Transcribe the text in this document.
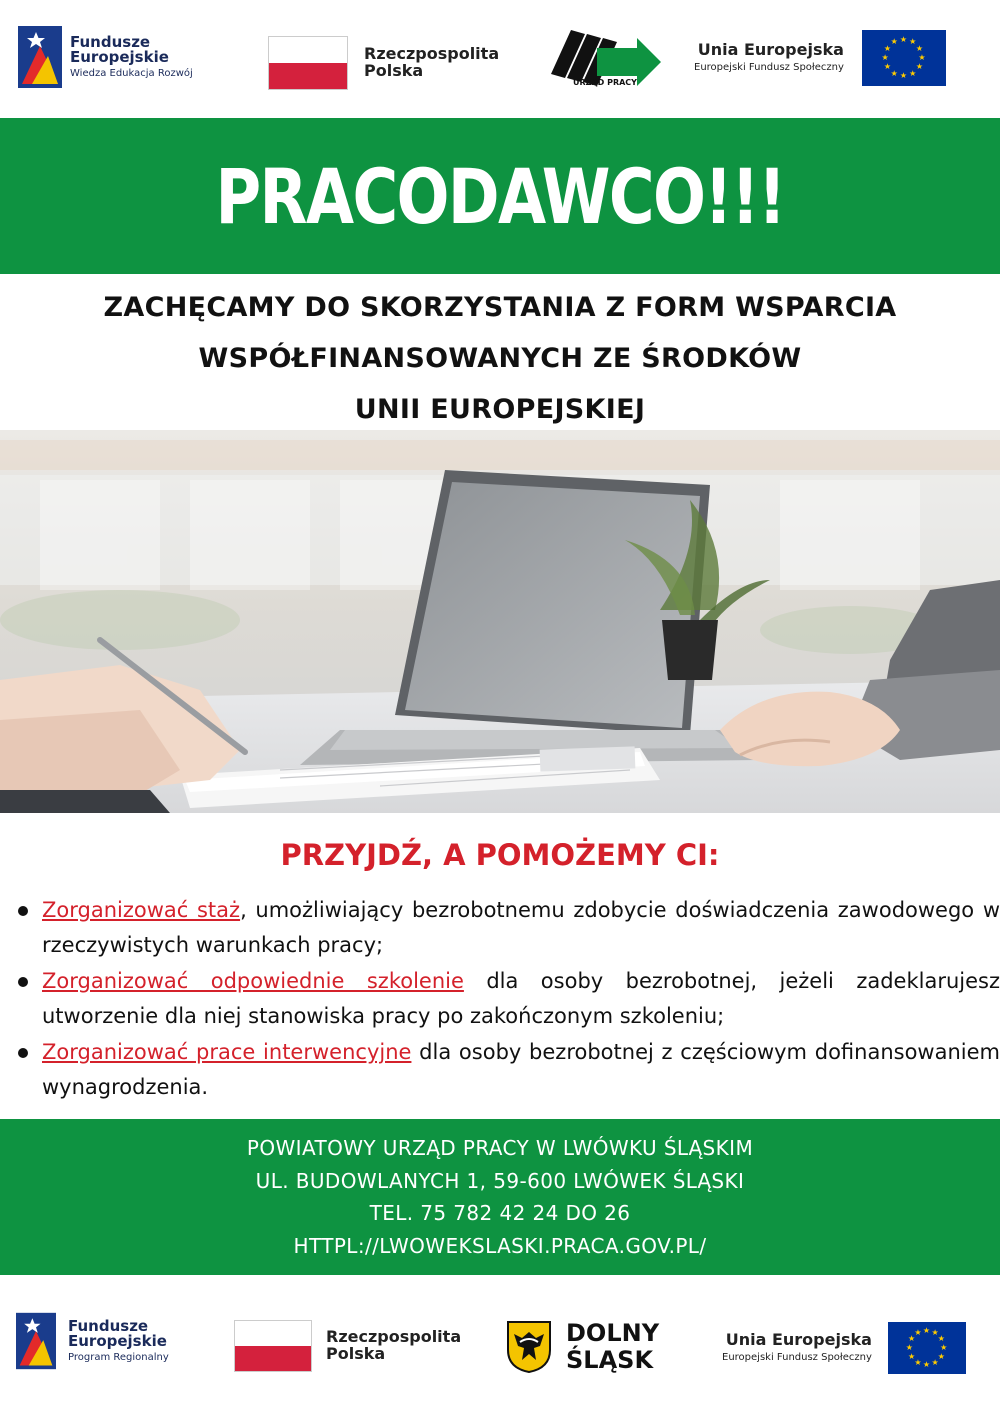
Fundusze
Europejskie
Wiedza Edukacja Rozwój
Rzeczpospolita
Polska
URZĄD PRACY
Unia Europejska
Europejski Fundusz Społeczny
★ ★
★
★
★
★
★
★
★
★
★
★
PRACODAWCO!!!
ZACHĘCAMY DO SKORZYSTANIA Z FORM WSPARCIA
WSPÓŁFINANSOWANYCH ZE ŚRODKÓW
UNII EUROPEJSKIEJ
PRZYJDŹ, A POMOŻEMY CI:
Zorganizować staż, umożliwiający bezrobotnemu zdobycie doświadczenia zawodowego w rzeczywistych warunkach pracy;
Zorganizować odpowiednie szkolenie dla osoby bezrobotnej, jeżeli zadeklarujesz utworzenie dla niej stanowiska pracy po zakończonym szkoleniu;
Zorganizować prace interwencyjne dla osoby bezrobotnej z częściowym dofinansowaniem wynagrodzenia.
POWIATOWY URZĄD PRACY W LWÓWKU ŚLĄSKIM
UL. BUDOWLANYCH 1, 59-600 LWÓWEK ŚLĄSKI
TEL. 75 782 42 24 DO 26
HTTPL://LWOWEKSLASKI.PRACA.GOV.PL/
Fundusze
Europejskie
Program Regionalny
Rzeczpospolita
Polska
DOLNY
ŚLĄSK
Unia Europejska
Europejski Fundusz Społeczny
★ ★
★
★
★
★
★
★
★
★
★
★
